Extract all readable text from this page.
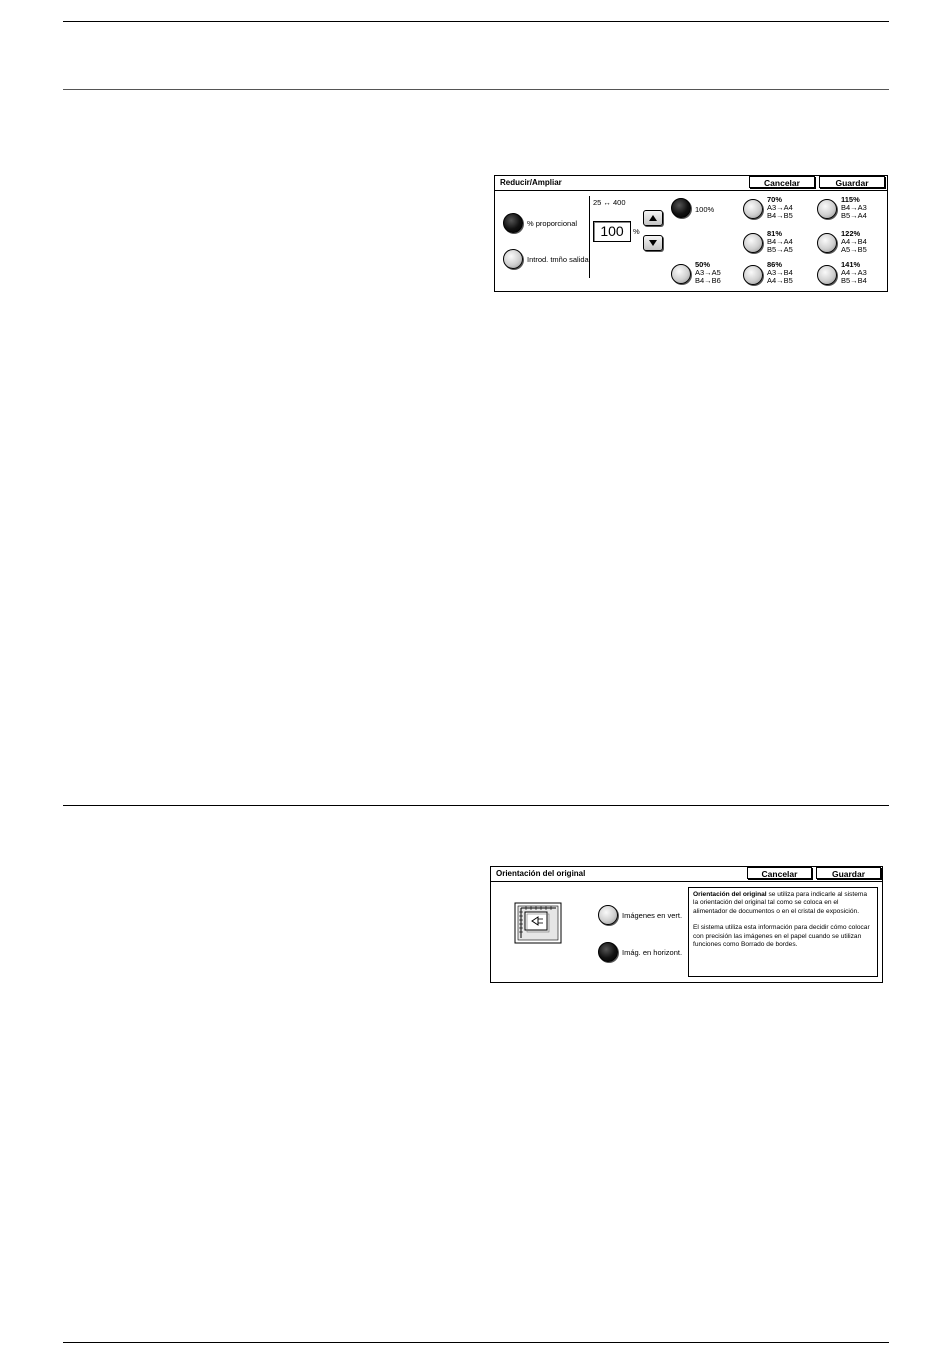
Reducir/Ampliar	Cancelar	Guardar
% proporcional
Introd. tmño salida
25 ↔ 400
100	%
100%
50%
A3→A5
B4→B6
70%
A3→A4
B4→B5
81%
B4→A4
B5→A5
86%
A3→B4
A4→B5
115%
B4→A3
B5→A4
122%
A4→B4
A5→B5
141%
A4→A3
B5→B4
Orientación del original	Cancelar	Guardar
Imágenes en vert.
Imág. en horizont.

Orientación del original se utiliza para indicarle al sistema la orientación del original tal como se coloca en el alimentador de documentos o en el cristal de exposición.

El sistema utiliza esta información para decidir cómo colocar con precisión las imágenes en el papel cuando se utilizan funciones como Borrado de bordes.
